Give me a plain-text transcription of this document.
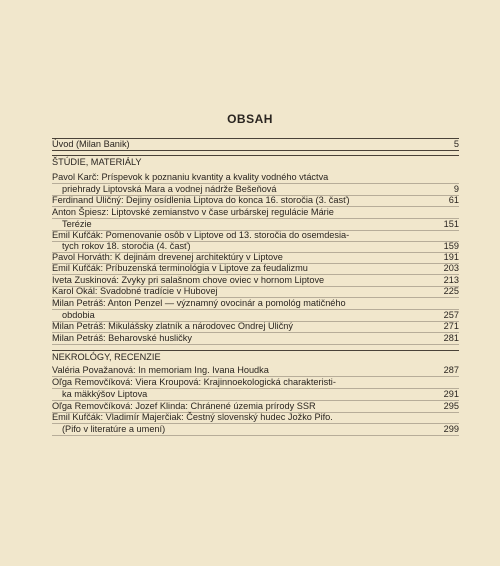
OBSAH
Úvod (Milan Banik)	5
ŠTÚDIE, MATERIÁLY
Pavol Karč: Príspevok k poznaniu kvantity a kvality vodného vtáctva
priehrady Liptovská Mara a vodnej nádrže Bešeňová	9
Ferdinand Uličný: Dejiny osídlenia Liptova do konca 16. storočia (3. časť)	61
Anton Špiesz: Liptovské zemianstvo v čase urbárskej regulácie Márie
Terézie	151
Emil Kufčák: Pomenovanie osôb v Liptove od 13. storočia do osemdesia-
tych rokov 18. storočia (4. časť)	159
Pavol Horváth: K dejinám drevenej architektúry v Liptove	191
Emil Kufčák: Príbuzenská terminológia v Liptove za feudalizmu	203
Iveta Zuskinová: Zvyky pri salašnom chove oviec v hornom Liptove	213
Karol Okál: Svadobné tradície v Hubovej	225
Milan Petráš: Anton Penzel — významný ovocinár a pomológ matičného
obdobia	257
Milan Petráš: Mikulášsky zlatník a národovec Ondrej Uličný	271
Milan Petráš: Beharovské husličky	281
NEKROLÓGY, RECENZIE
Valéria Považanová: In memoriam Ing. Ivana Houdka	287
Oľga Removčíková: Viera Kroupová: Krajinnoekologická charakteristi-
ka mäkkýšov Liptova	291
Oľga Removčíková: Jozef Klinda: Chránené územia prírody SSR	295
Emil Kufčák: Vladimír Majerčiak: Čestný slovenský hudec Jožko Pifo.
(Pifo v literatúre a umení)	299
